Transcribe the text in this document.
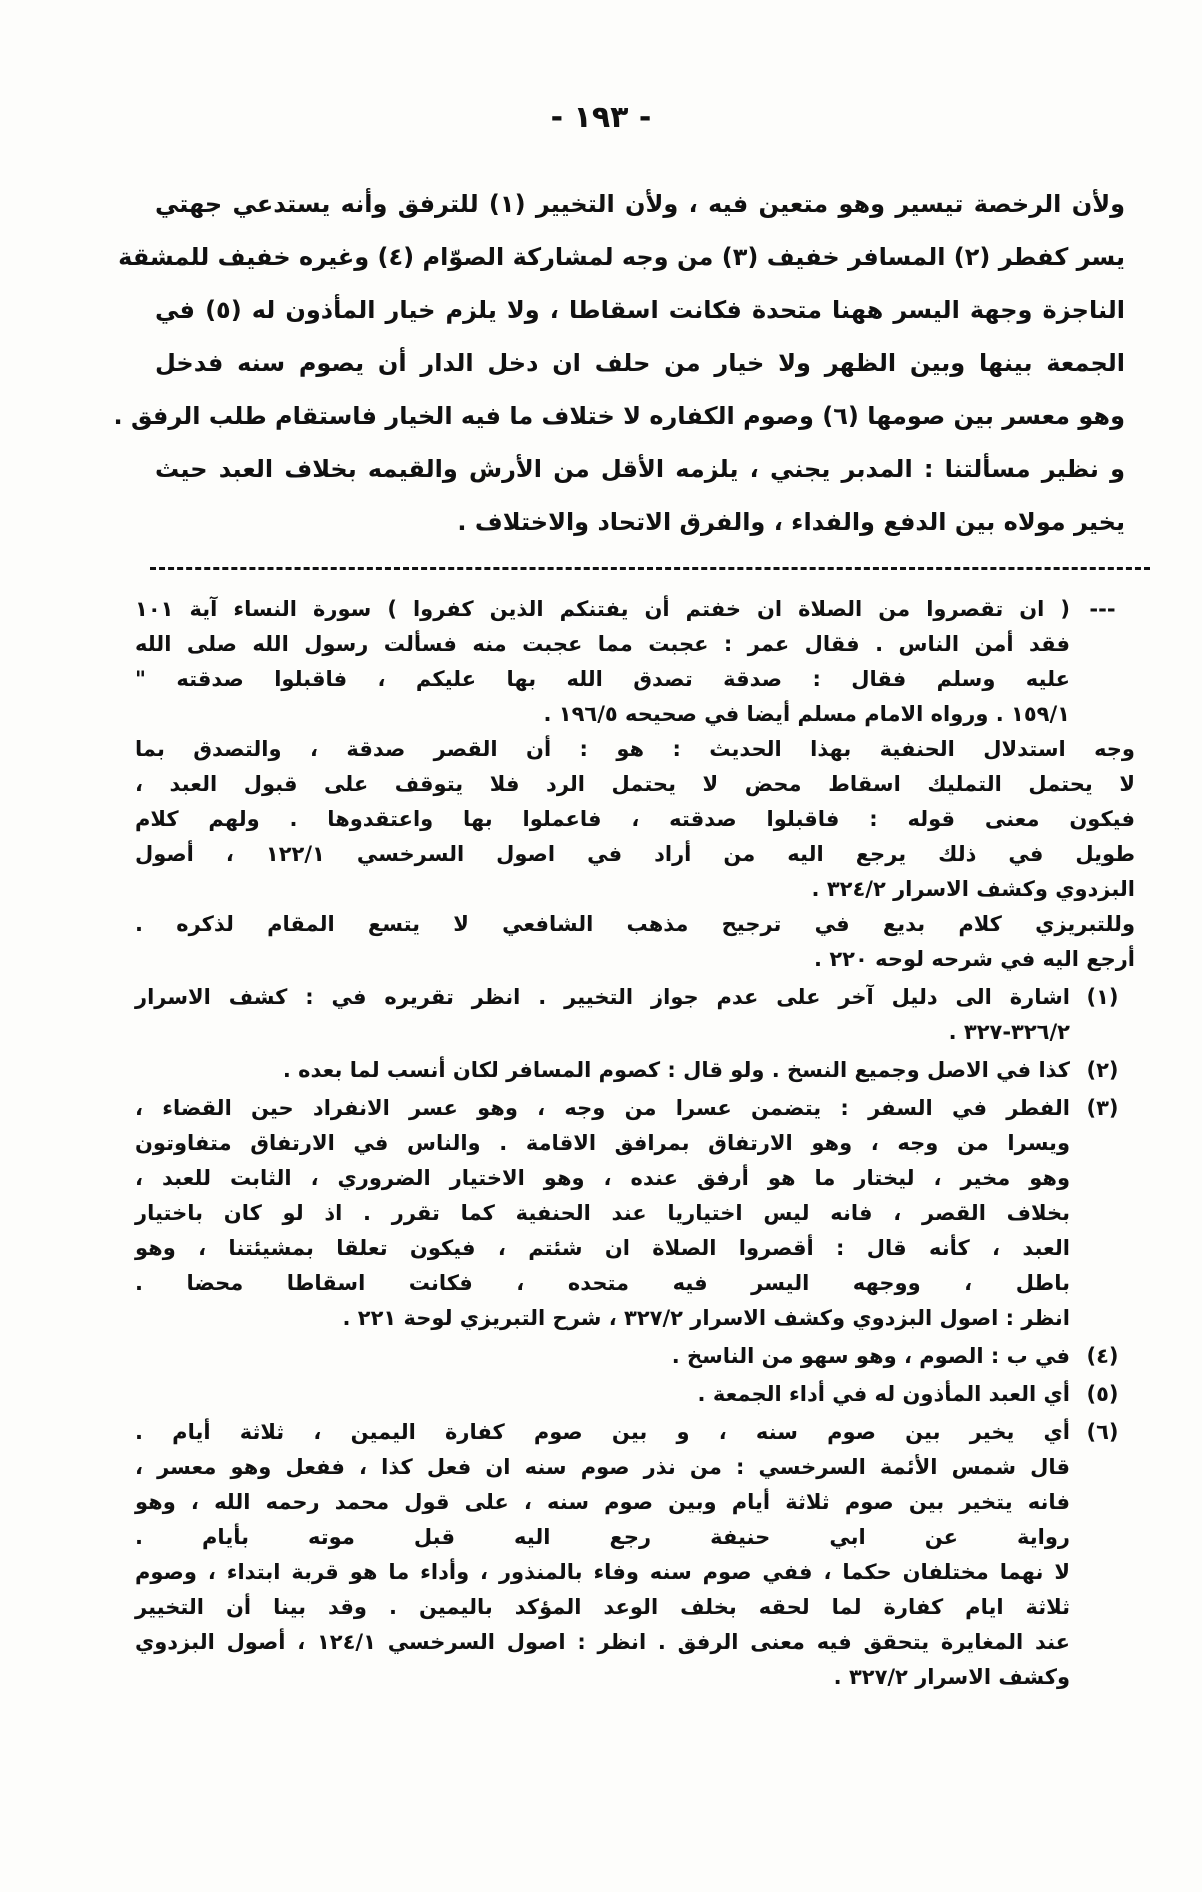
- ١٩٣ -
ولأن الرخصة تيسير وهو متعين فيه ، ولأن التخيير (١) للترفق وأنه يستدعي جهتي
يسر كفطر (٢) المسافر خفيف (٣) من وجه لمشاركة الصوّام (٤) وغيره خفيف للمشقة
الناجزة وجهة اليسر ههنا متحدة فكانت اسقاطا ، ولا يلزم خيار المأذون له (٥) في
الجمعة بينها وبين الظهر ولا خيار من حلف ان دخل الدار أن يصوم سنه فدخل
وهو معسر بين صومها (٦) وصوم الكفاره لا ختلاف ما فيه الخيار فاستقام طلب الرفق .
و نظير مسألتنا : المدبر يجني ، يلزمه الأقل من الأرش والقيمه بخلاف العبد حيث
يخير مولاه بين الدفع والفداء ، والفرق الاتحاد والاختلاف .
---
( ان تقصروا من الصلاة ان خفتم أن يفتنكم الذين كفروا ) سورة النساء آية ١٠١
فقد أمن الناس . فقال عمر : عجبت مما عجبت منه فسألت رسول الله صلى الله
عليه وسلم فقال : صدقة تصدق الله بها عليكم ، فاقبلوا صدقته "
١٥٩/١ . ورواه الامام مسلم أيضا في صحيحه ١٩٦/٥ .
وجه استدلال الحنفية بهذا الحديث : هو : أن القصر صدقة ، والتصدق بما
لا يحتمل التمليك اسقاط محض لا يحتمل الرد فلا يتوقف على قبول العبد ،
فيكون معنى قوله : فاقبلوا صدقته ، فاعملوا بها واعتقدوها . ولهم كلام
طويل في ذلك يرجع اليه من أراد في اصول السرخسي ١٢٢/١ ، أصول
البزدوي وكشف الاسرار ٣٢٤/٢ .
وللتبريزي كلام بديع في ترجيح مذهب الشافعي لا يتسع المقام لذكره .
أرجع اليه في شرحه لوحه ٢٢٠ .
(١)
اشارة الى دليل آخر على عدم جواز التخيير . انظر تقريره في : كشف الاسرار
٣٢٦/٢-٣٢٧ .
(٢)
كذا في الاصل وجميع النسخ . ولو قال : كصوم المسافر لكان أنسب لما بعده .
(٣)
الفطر في السفر : يتضمن عسرا من وجه ، وهو عسر الانفراد حين القضاء ،
ويسرا من وجه ، وهو الارتفاق بمرافق الاقامة . والناس في الارتفاق متفاوتون
وهو مخير ، ليختار ما هو أرفق عنده ، وهو الاختيار الضروري ، الثابت للعبد ،
بخلاف القصر ، فانه ليس اختياريا عند الحنفية كما تقرر . اذ لو كان باختيار
العبد ، كأنه قال : أقصروا الصلاة ان شئتم ، فيكون تعلقا بمشيئتنا ، وهو
باطل ، ووجهه اليسر فيه متحده ، فكانت اسقاطا محضا .
انظر : اصول البزدوي وكشف الاسرار ٣٢٧/٢ ، شرح التبريزي لوحة ٢٢١ .
(٤)
في ب : الصوم ، وهو سهو من الناسخ .
(٥)
أي العبد المأذون له في أداء الجمعة .
(٦)
أي يخير بين صوم سنه ، و بين صوم كفارة اليمين ، ثلاثة أيام .
قال شمس الأئمة السرخسي : من نذر صوم سنه ان فعل كذا ، ففعل وهو معسر ،
فانه يتخير بين صوم ثلاثة أيام وبين صوم سنه ، على قول محمد رحمه الله ، وهو
رواية عن ابي حنيفة رجع اليه قبل موته بأيام .
لا نهما مختلفان حكما ، ففي صوم سنه وفاء بالمنذور ، وأداء ما هو قربة ابتداء ، وصوم
ثلاثة ايام كفارة لما لحقه بخلف الوعد المؤكد باليمين . وقد بينا أن التخيير
عند المغايرة يتحقق فيه معنى الرفق . انظر : اصول السرخسي ١٢٤/١ ، أصول البزدوي
وكشف الاسرار ٣٢٧/٢ .
